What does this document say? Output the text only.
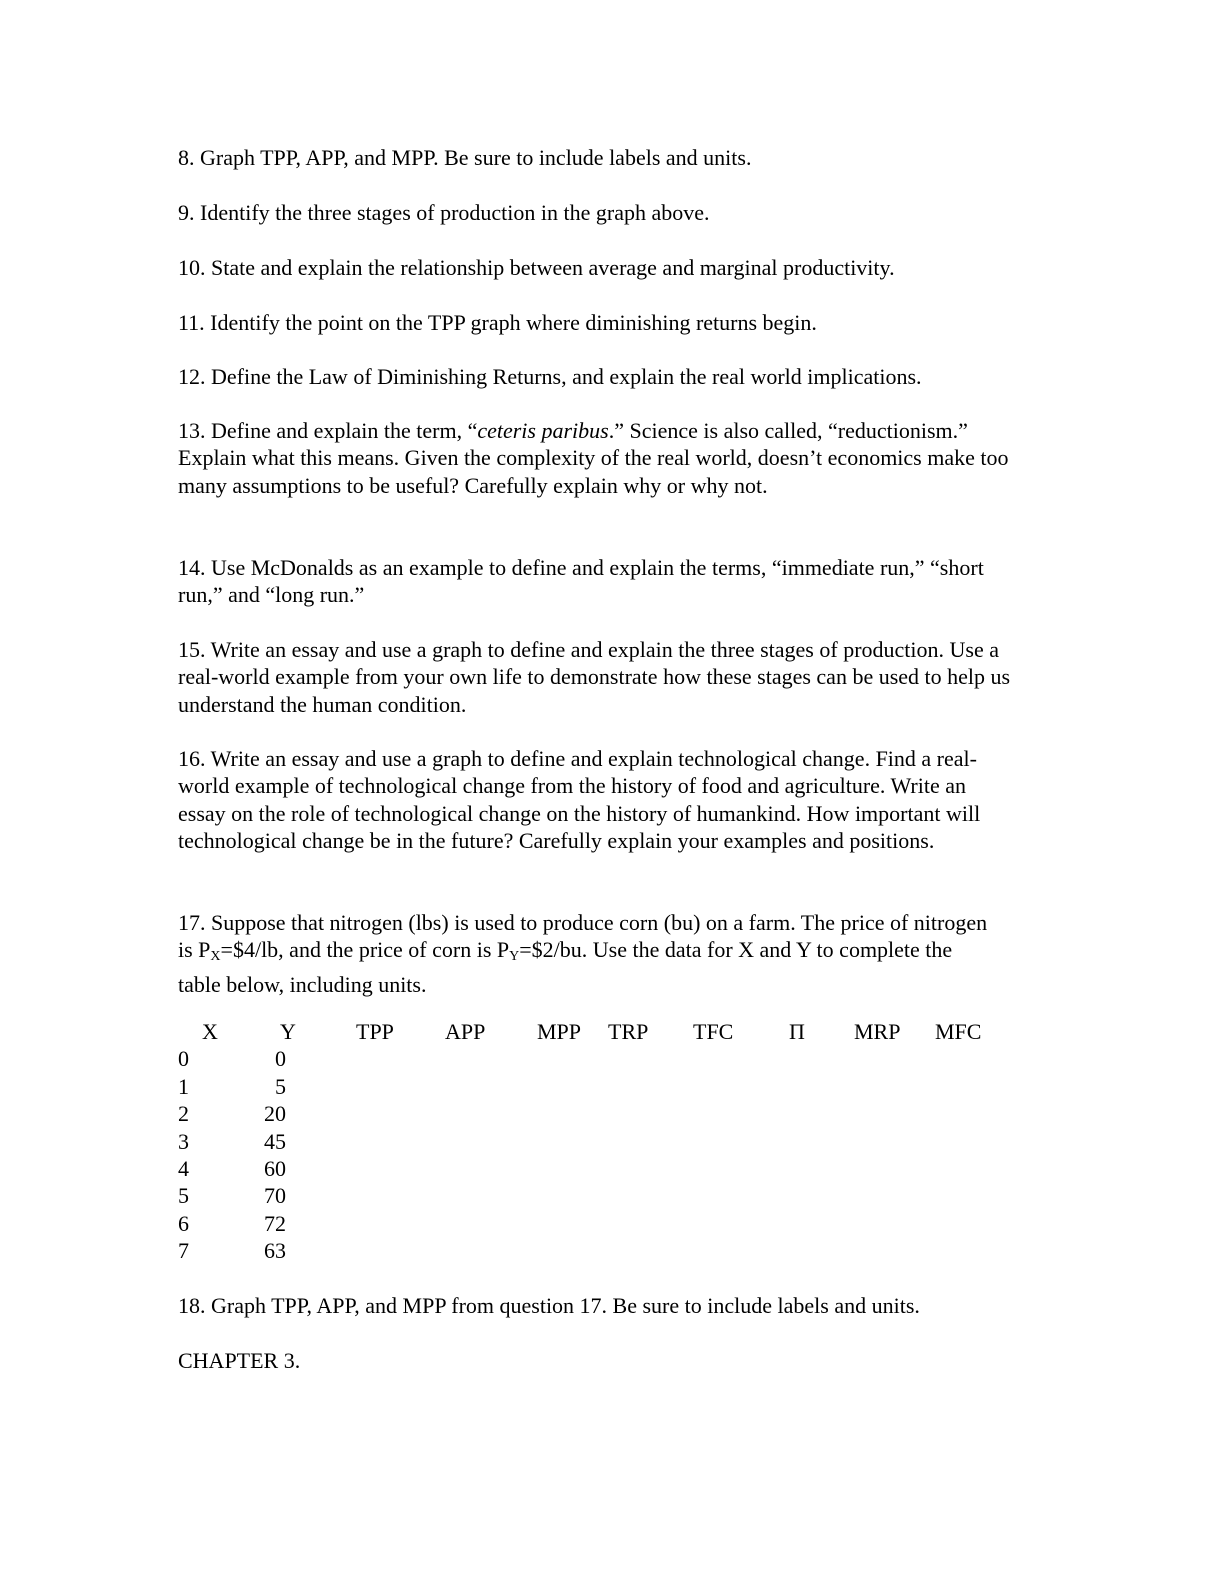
8. Graph TPP, APP, and MPP. Be sure to include labels and units.

9. Identify the three stages of production in the graph above.

10. State and explain the relationship between average and marginal productivity.

11. Identify the point on the TPP graph where diminishing returns begin.

12. Define the Law of Diminishing Returns, and explain the real world implications.

13. Define and explain the term, “ceteris paribus.” Science is also called, “reductionism.” Explain what this means. Given the complexity of the real world, doesn’t economics make too many assumptions to be useful? Carefully explain why or why not.

14. Use McDonalds as an example to define and explain the terms, “immediate run,” “short run,” and “long run.”

15. Write an essay and use a graph to define and explain the three stages of production. Use a real-world example from your own life to demonstrate how these stages can be used to help us understand the human condition.

16. Write an essay and use a graph to define and explain technological change. Find a real-world example of technological change from the history of food and agriculture. Write an essay on the role of technological change on the history of humankind. How important will technological change be in the future? Carefully explain your examples and positions.

17. Suppose that nitrogen (lbs) is used to produce corn (bu) on a farm. The price of nitrogen is $P_X=\$4/lb$, and the price of corn is $P_Y=\$2/bu$. Use the data for X and Y to complete the table below, including units.

X	Y	TPP APP MPP TRP TFC	Π MRP MFC
0	0
1	5
2	20
3	45
4	60
5	70
6	72
7	63

18. Graph TPP, APP, and MPP from question 17. Be sure to include labels and units.

CHAPTER 3.
